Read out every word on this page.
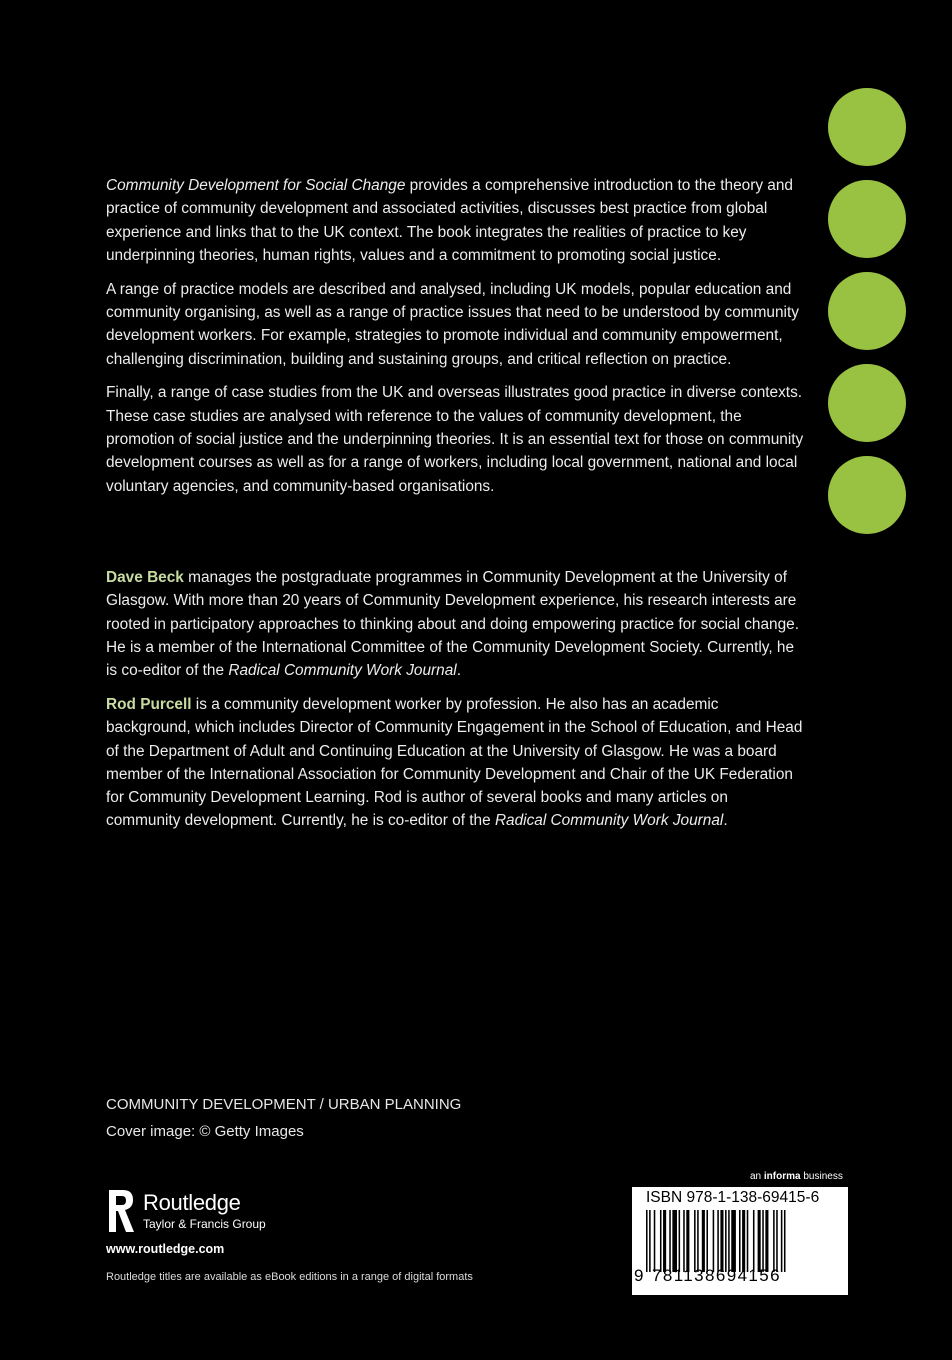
Community Development for Social Change provides a comprehensive introduction to the theory and practice of community development and associated activities, discusses best practice from global experience and links that to the UK context. The book integrates the realities of practice to key underpinning theories, human rights, values and a commitment to promoting social justice.

A range of practice models are described and analysed, including UK models, popular education and community organising, as well as a range of practice issues that need to be understood by community development workers. For example, strategies to promote individual and community empowerment, challenging discrimination, building and sustaining groups, and critical reflection on practice.

Finally, a range of case studies from the UK and overseas illustrates good practice in diverse contexts. These case studies are analysed with reference to the values of community development, the promotion of social justice and the underpinning theories. It is an essential text for those on community development courses as well as for a range of workers, including local government, national and local voluntary agencies, and community-based organisations.

Dave Beck manages the postgraduate programmes in Community Development at the University of Glasgow. With more than 20 years of Community Development experience, his research interests are rooted in participatory approaches to thinking about and doing empowering practice for social change. He is a member of the International Committee of the Community Development Society. Currently, he is co-editor of the Radical Community Work Journal.

Rod Purcell is a community development worker by profession. He also has an academic background, which includes Director of Community Engagement in the School of Education, and Head of the Department of Adult and Continuing Education at the University of Glasgow. He was a board member of the International Association for Community Development and Chair of the UK Federation for Community Development Learning. Rod is author of several books and many articles on community development. Currently, he is co-editor of the Radical Community Work Journal.

COMMUNITY DEVELOPMENT / URBAN PLANNING
Cover image: © Getty Images
Routledge
Taylor & Francis Group
www.routledge.com
Routledge titles are available as eBook editions in a range of digital formats
an informa business
ISBN 978-1-138-69415-6
9 781138694156
